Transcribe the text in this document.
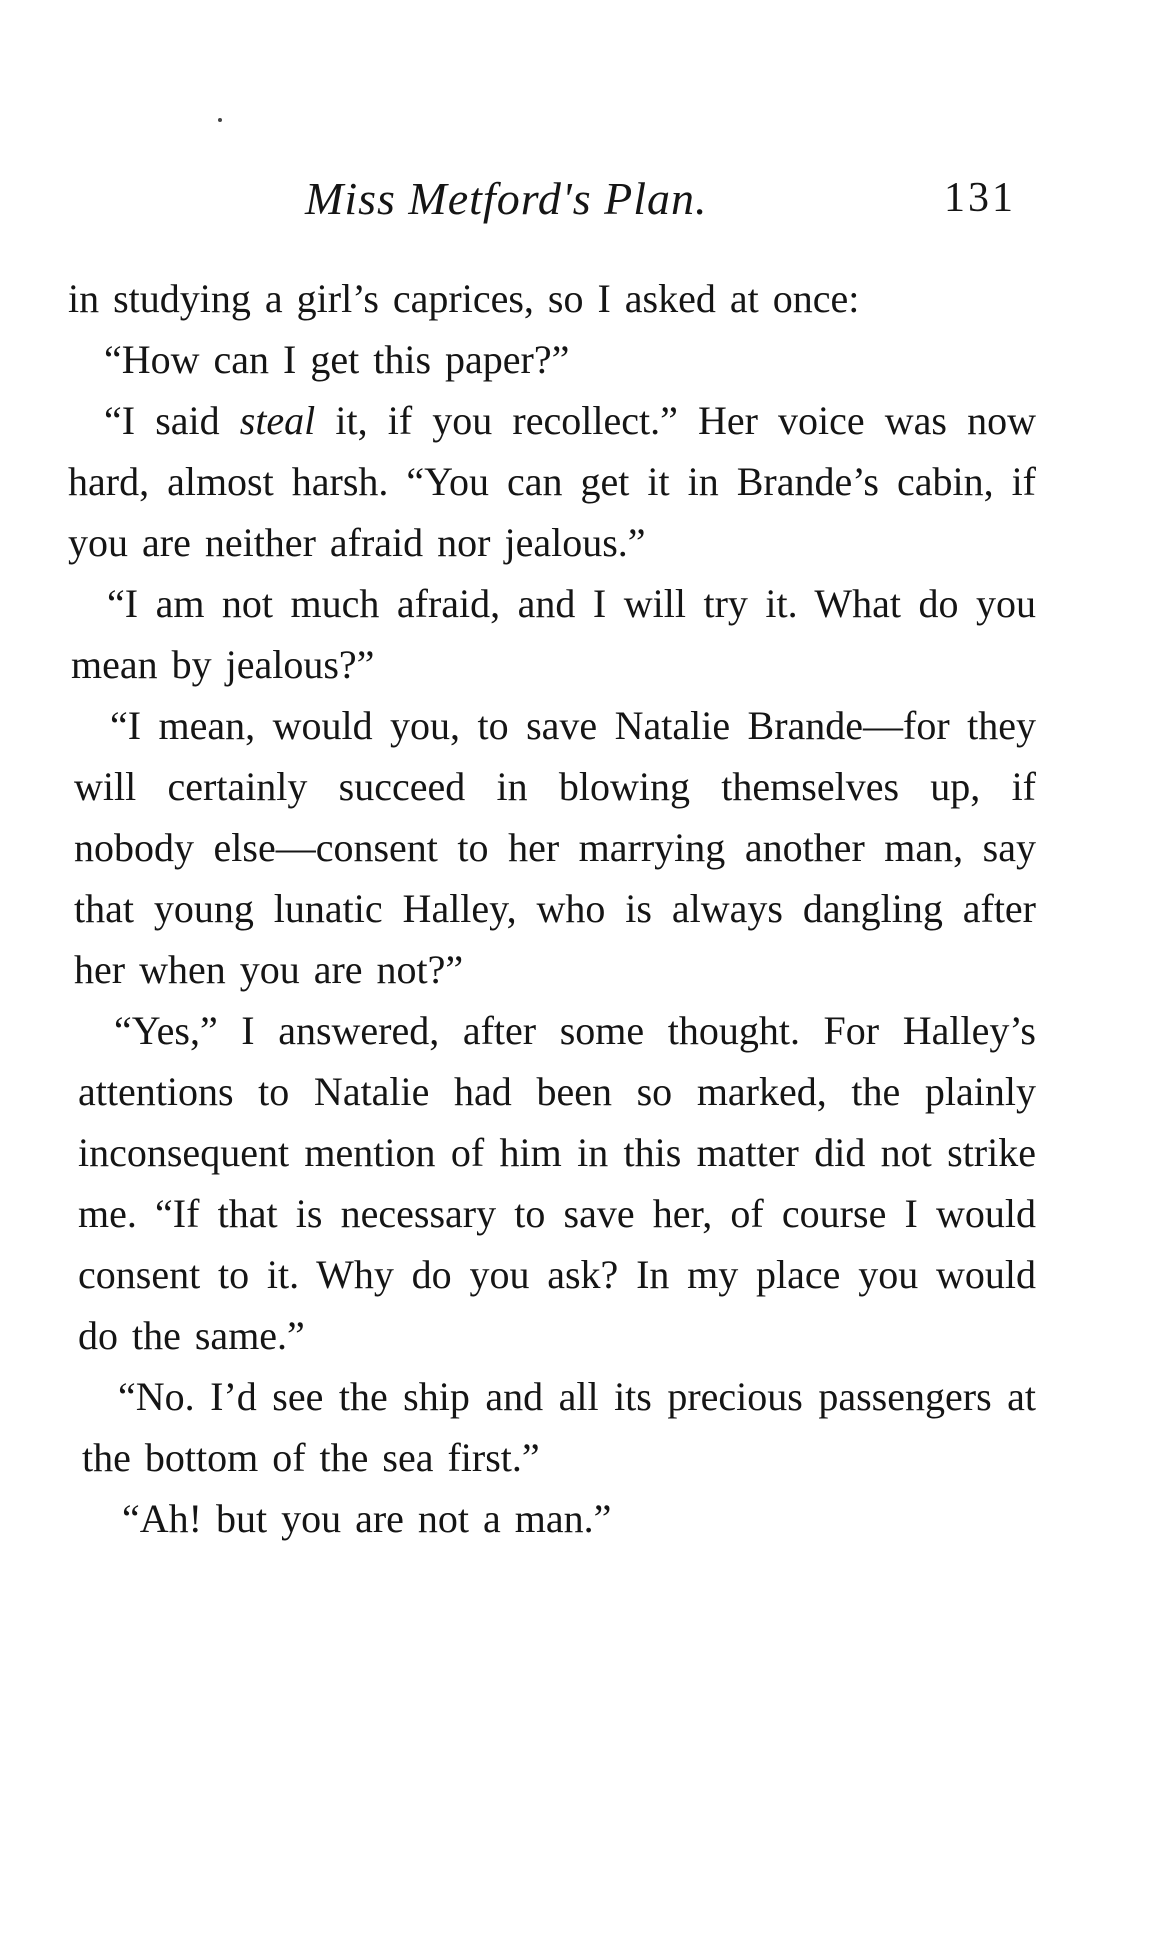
Miss Metford's Plan.	131

in studying a girl’s caprices, so I asked at once:

“How can I get this paper?”

“I said steal it, if you recollect.” Her voice was now hard, almost harsh. “You can get it in Brande’s cabin, if you are neither afraid nor jealous.”

“I am not much afraid, and I will try it. What do you mean by jealous?”

“I mean, would you, to save Natalie Brande—for they will certainly succeed in blowing themselves up, if nobody else—consent to her marrying another man, say that young lunatic Halley, who is always dangling after her when you are not?”

“Yes,” I answered, after some thought. For Halley’s attentions to Natalie had been so marked, the plainly inconsequent mention of him in this matter did not strike me. “If that is necessary to save her, of course I would consent to it. Why do you ask? In my place you would do the same.”

“No. I’d see the ship and all its precious passengers at the bottom of the sea first.”

“Ah! but you are not a man.”
